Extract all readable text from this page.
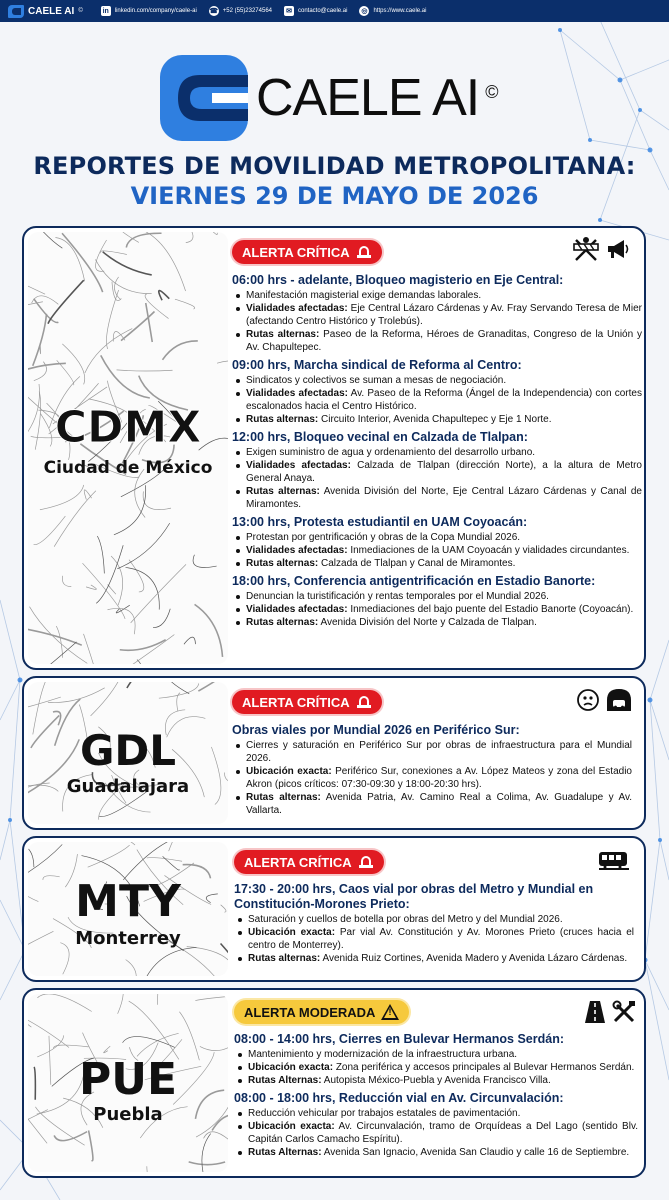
CAELE AI ©	in linkedin.com/company/caele-ai ☎ +52 (55)23274564 ✉	contacto@caele.ai ◎ https://www.caele.ai
CAELE AI ©
REPORTES DE MOVILIDAD METROPOLITANA:
VIERNES 29 DE MAYO DE 2026
CDMX
Ciudad de México
ALERTA CRÍTICA
06:00 hrs - adelante, Bloqueo magisterio en Eje Central:
Manifestación magisterial exige demandas laborales.
Vialidades afectadas: Eje Central Lázaro Cárdenas y Av. Fray Servando Teresa de Mier (afectando Centro Histórico y Trolebús).
Rutas alternas: Paseo de la Reforma, Héroes de Granaditas, Congreso de la Unión y Av. Chapultepec.
09:00 hrs, Marcha sindical de Reforma al Centro:
Sindicatos y colectivos se suman a mesas de negociación.
Vialidades afectadas: Av. Paseo de la Reforma (Ángel de la Independencia) con cortes escalonados hacia el Centro Histórico.
Rutas alternas: Circuito Interior, Avenida Chapultepec y Eje 1 Norte.
12:00 hrs, Bloqueo vecinal en Calzada de Tlalpan:
Exigen suministro de agua y ordenamiento del desarrollo urbano.
Vialidades afectadas: Calzada de Tlalpan (dirección Norte), a la altura de Metro General Anaya.
Rutas alternas: Avenida División del Norte, Eje Central Lázaro Cárdenas y Canal de Miramontes.
13:00 hrs, Protesta estudiantil en UAM Coyoacán:
Protestan por gentrificación y obras de la Copa Mundial 2026.
Vialidades afectadas: Inmediaciones de la UAM Coyoacán y vialidades circundantes.
Rutas alternas: Calzada de Tlalpan y Canal de Miramontes.
18:00 hrs, Conferencia antigentrificación en Estadio Banorte:
Denuncian la turistificación y rentas temporales por el Mundial 2026.
Vialidades afectadas: Inmediaciones del bajo puente del Estadio Banorte (Coyoacán).
Rutas alternas: Avenida División del Norte y Calzada de Tlalpan.
GDL
Guadalajara
ALERTA CRÍTICA
Obras viales por Mundial 2026 en Periférico Sur:
Cierres y saturación en Periférico Sur por obras de infraestructura para el Mundial 2026.
Ubicación exacta: Periférico Sur, conexiones a Av. López Mateos y zona del Estadio Akron (picos críticos: 07:30-09:30 y 18:00-20:30 hrs).
Rutas alternas: Avenida Patria, Av. Camino Real a Colima, Av. Guadalupe y Av. Vallarta.
MTY
Monterrey
ALERTA CRÍTICA
17:30 - 20:00 hrs, Caos vial por obras del Metro y Mundial en Constitución-Morones Prieto:
Saturación y cuellos de botella por obras del Metro y del Mundial 2026.
Ubicación exacta: Par vial Av. Constitución y Av. Morones Prieto (cruces hacia el centro de Monterrey).
Rutas alternas: Avenida Ruiz Cortines, Avenida Madero y Avenida Lázaro Cárdenas.
PUE
Puebla
ALERTA MODERADA
!
08:00 - 14:00 hrs, Cierres en Bulevar Hermanos Serdán:
Mantenimiento y modernización de la infraestructura urbana.
Ubicación exacta: Zona periférica y accesos principales al Bulevar Hermanos Serdán.
Rutas Alternas: Autopista México-Puebla y Avenida Francisco Villa.
08:00 - 18:00 hrs, Reducción vial en Av. Circunvalación:
Reducción vehicular por trabajos estatales de pavimentación.
Ubicación exacta: Av. Circunvalación, tramo de Orquídeas a Del Lago (sentido Blv. Capitán Carlos Camacho Espíritu).
Rutas Alternas: Avenida San Ignacio, Avenida San Claudio y calle 16 de Septiembre.
